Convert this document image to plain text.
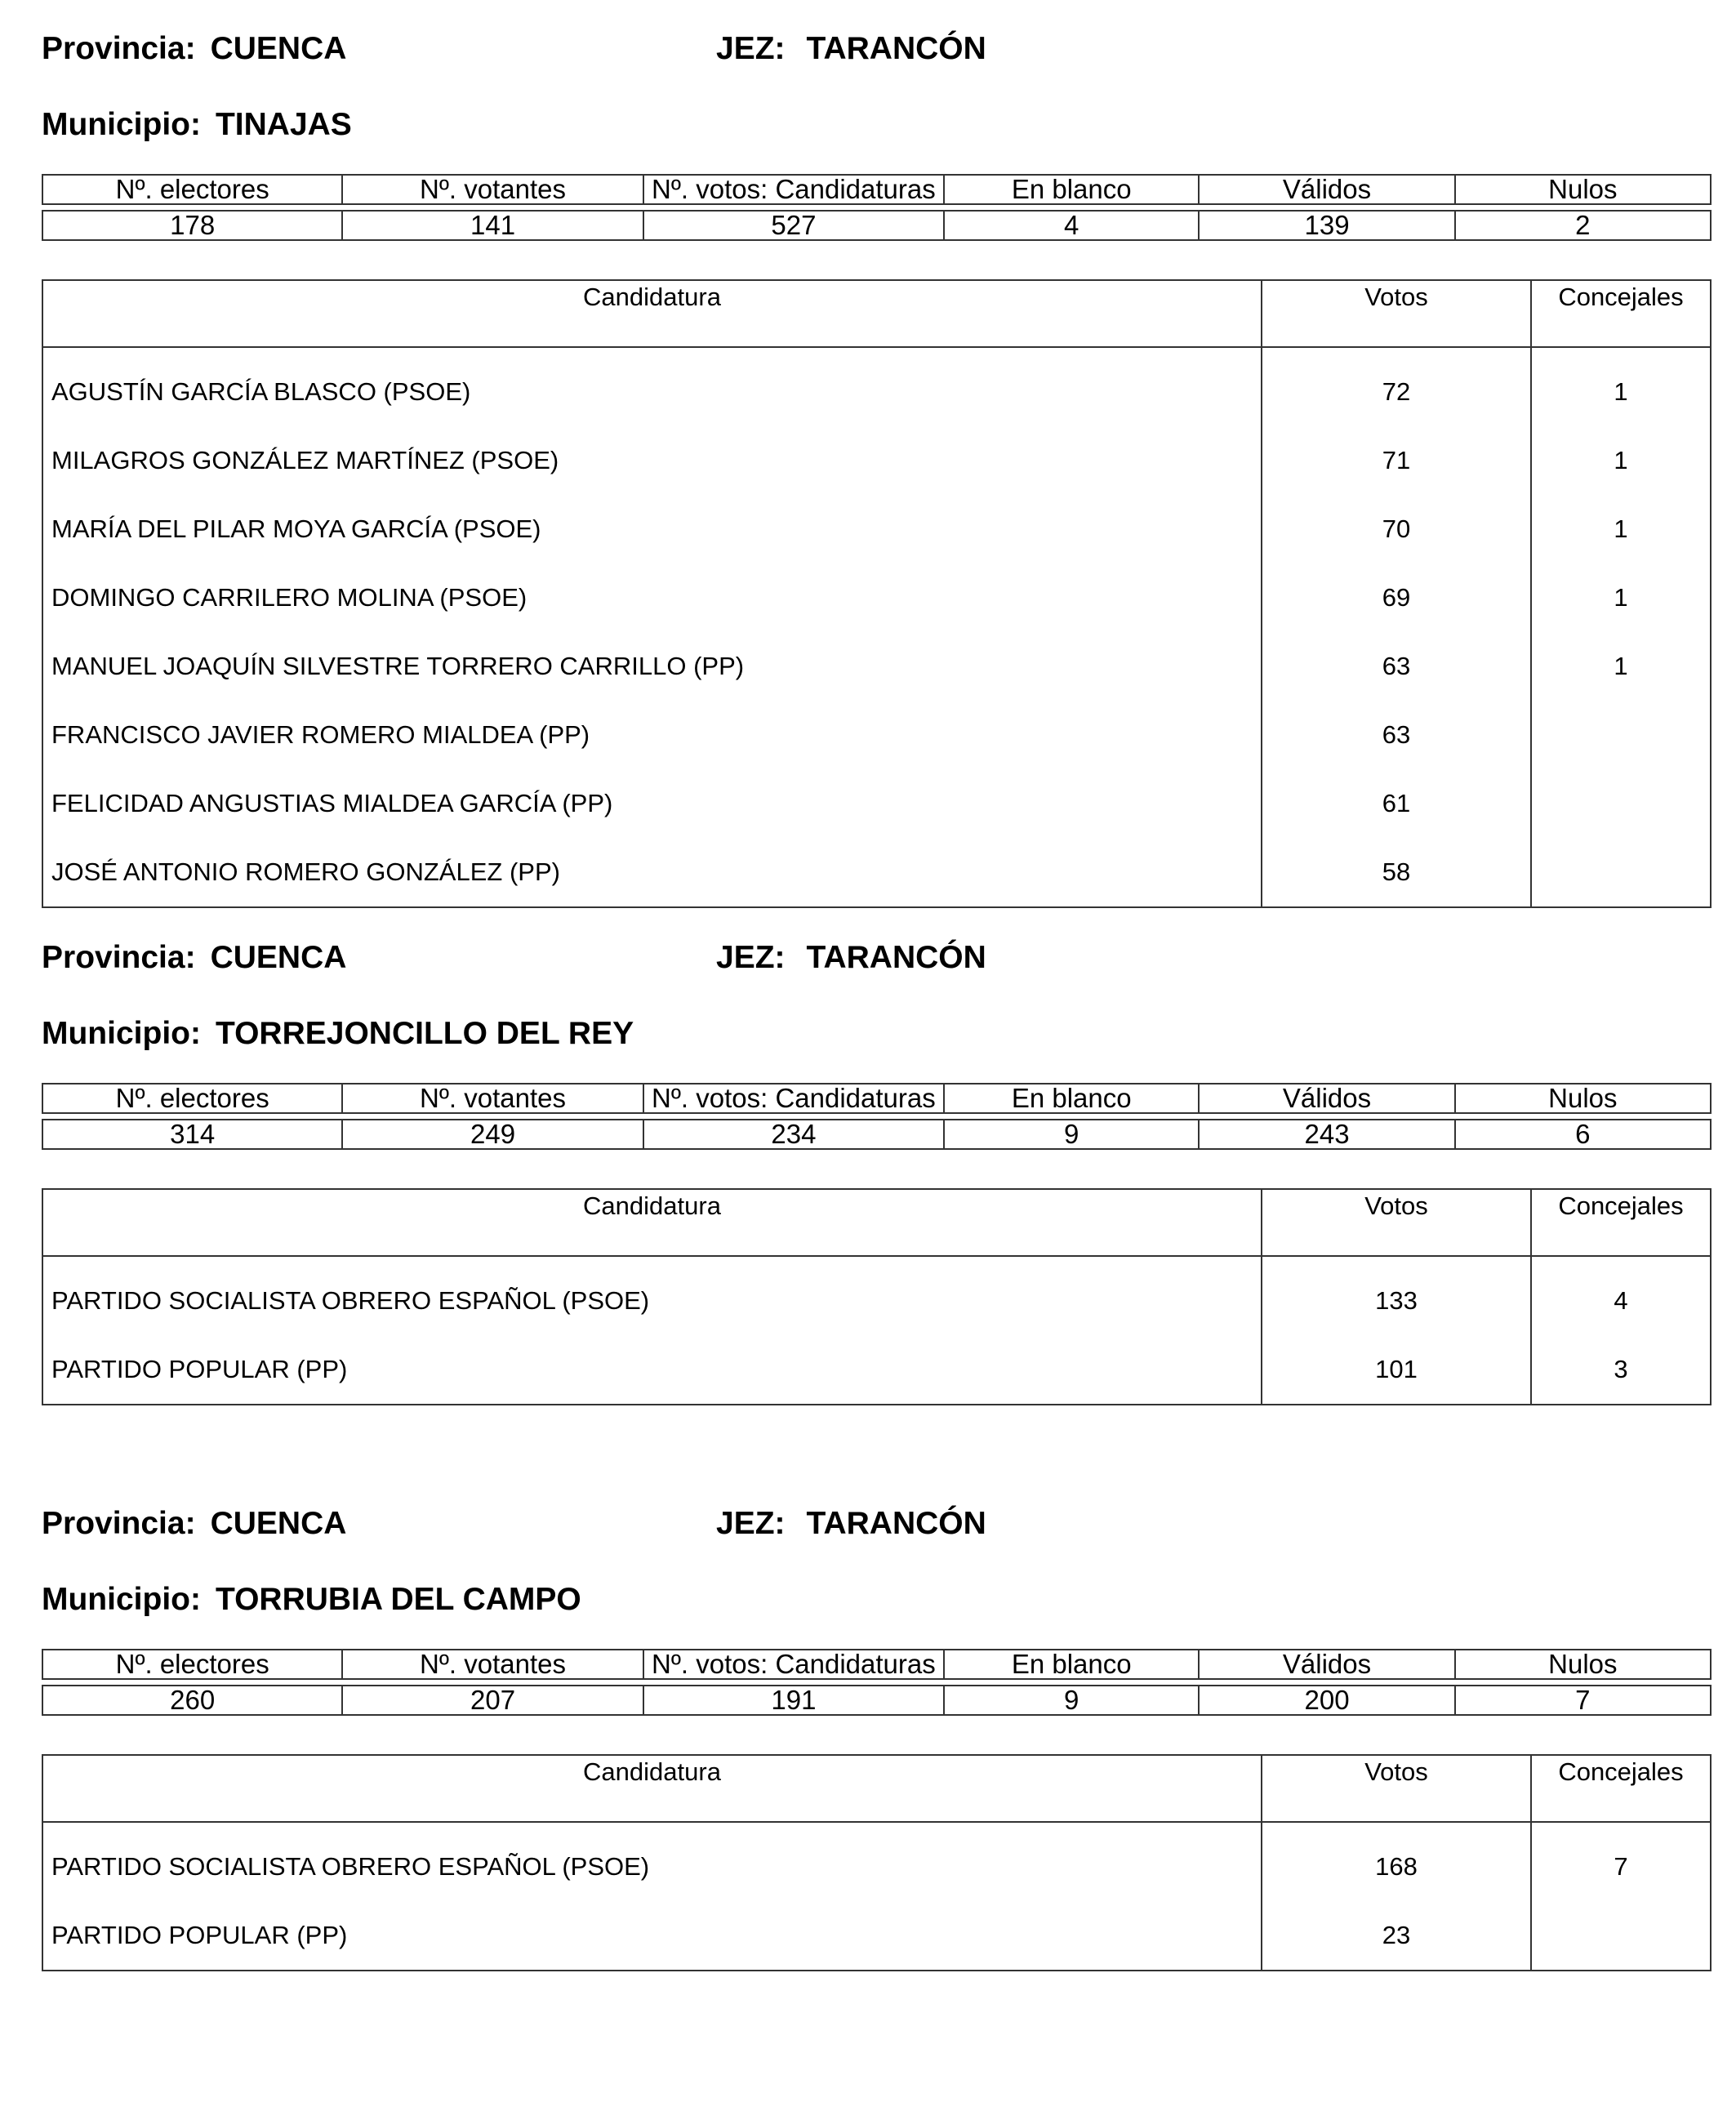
Provincia: CUENCA	JEZ: TARANCÓN
Municipio: TINAJAS
Nº. electores	Nº. votantes	Nº. votos: Candidaturas	En blanco	Válidos	Nulos

178	141	527	4	139	2
Candidatura	Votos	Concejales

AGUSTÍN GARCÍA BLASCO (PSOE)	72	1
MILAGROS GONZÁLEZ MARTÍNEZ (PSOE)	71	1
MARÍA DEL PILAR MOYA GARCÍA (PSOE)	70	1
DOMINGO CARRILERO MOLINA (PSOE)	69	1
MANUEL JOAQUÍN SILVESTRE TORRERO CARRILLO (PP)	63	1
FRANCISCO JAVIER ROMERO MIALDEA (PP)	63	
FELICIDAD ANGUSTIAS MIALDEA GARCÍA (PP)	61	
JOSÉ ANTONIO ROMERO GONZÁLEZ (PP)	58	
Provincia: CUENCA	JEZ: TARANCÓN
Municipio: TORREJONCILLO DEL REY
Nº. electores	Nº. votantes	Nº. votos: Candidaturas	En blanco	Válidos	Nulos

314	249	234	9	243	6
Candidatura	Votos	Concejales

PARTIDO SOCIALISTA OBRERO ESPAÑOL (PSOE)	133	4
PARTIDO POPULAR (PP)	101	3
Provincia: CUENCA	JEZ: TARANCÓN
Municipio: TORRUBIA DEL CAMPO
Nº. electores	Nº. votantes	Nº. votos: Candidaturas	En blanco	Válidos	Nulos

260	207	191	9	200	7
Candidatura	Votos	Concejales

PARTIDO SOCIALISTA OBRERO ESPAÑOL (PSOE)	168	7
PARTIDO POPULAR (PP)	23	
